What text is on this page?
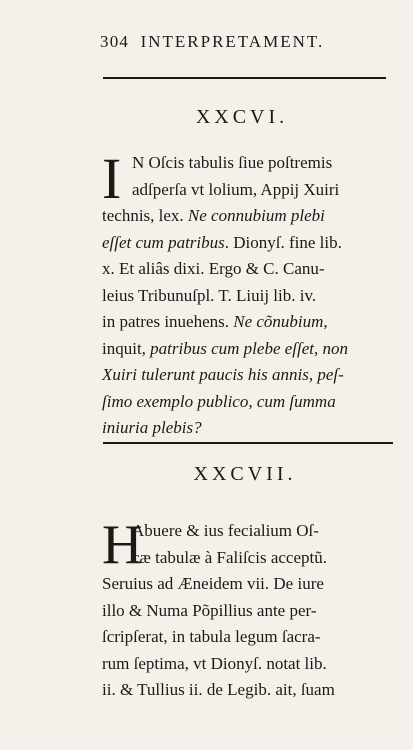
304 INTERPRETAMENT.
XXCVI.
I N Oſcis tabulis ſiue poſtremis
adſperſa vt lolium, Appij Xuiri
technis, lex. Ne connubium plebi
eſſet cum patribus. Dionyſ. fine lib.
x. Et aliâs dixi. Ergo & C. Canu-
leius Tribunuſpl. T. Liuij lib. iv.
in patres inuehens. Ne cõnubium,
inquit, patribus cum plebe eſſet, non
Xuiri tulerunt paucis his annis, peſ-
ſimo exemplo publico, cum ſumma
iniuria plebis?
XXCVII.
H
Abuere & ius fecialium Oſ-
cæ tabulæ à Faliſcis acceptũ.
Seruius ad Æneidem vii. De iure
illo & Numa Põpillius ante per-
ſcripſerat, in tabula legum ſacra-
rum ſeptima, vt Dionyſ. notat lib.
ii. & Tullius ii. de Legib. ait, ſuam
